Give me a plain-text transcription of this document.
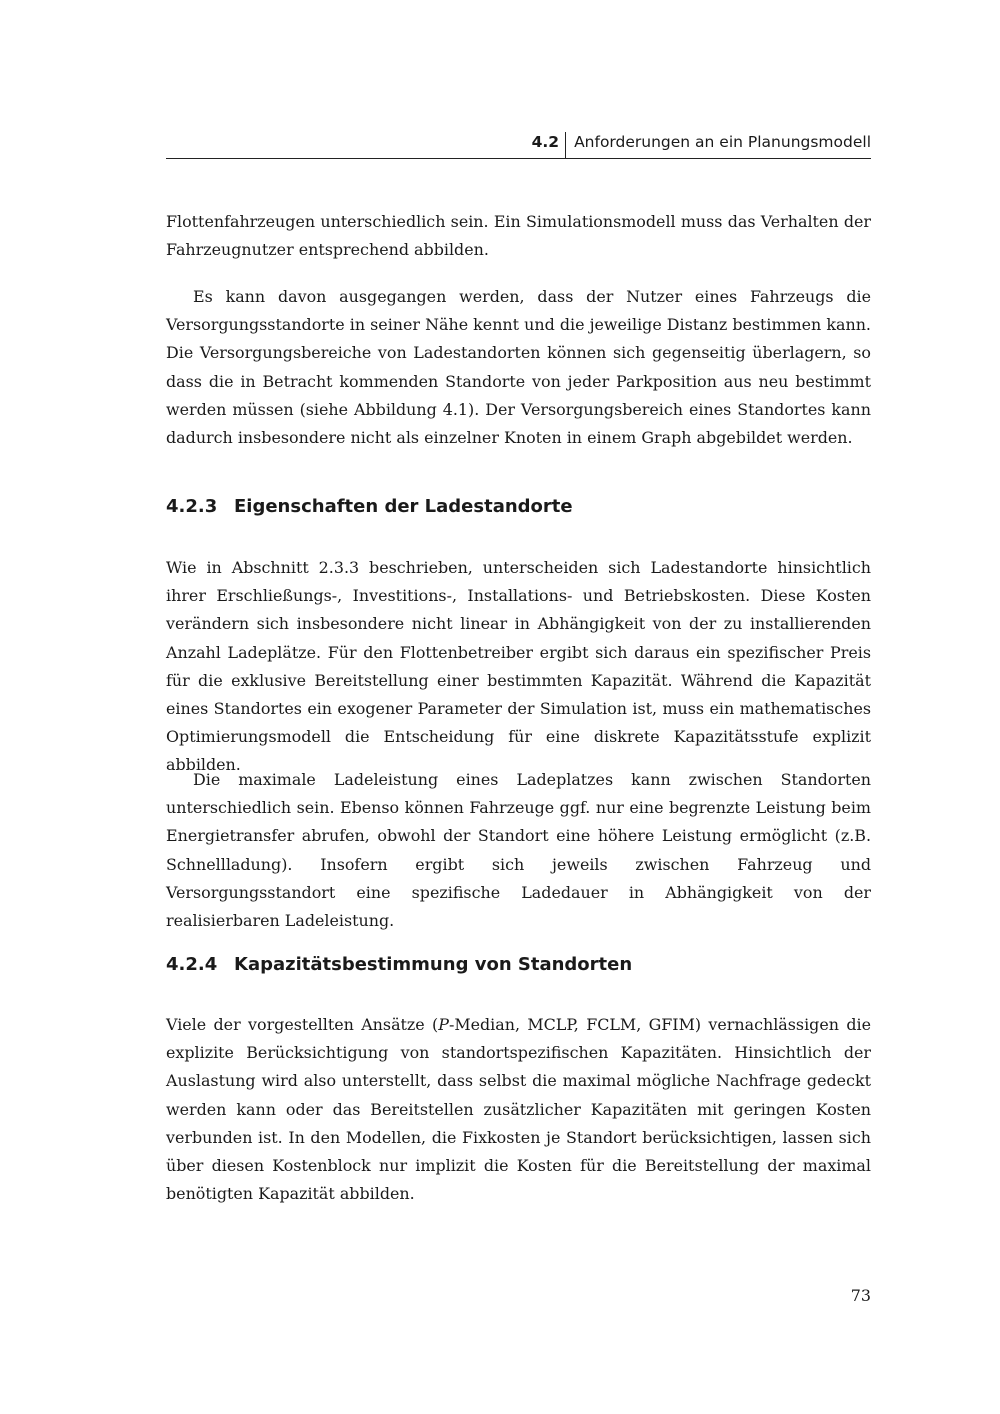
4.2 Anforderungen an ein Planungsmodell

Flottenfahrzeugen unterschiedlich sein. Ein Simulationsmodell muss das Verhalten der Fahrzeugnutzer entsprechend abbilden.

Es kann davon ausgegangen werden, dass der Nutzer eines Fahrzeugs die Versorgungsstandorte in seiner Nähe kennt und die jeweilige Distanz bestimmen kann. Die Versorgungsbereiche von Ladestandorten können sich gegenseitig überlagern, so dass die in Betracht kommenden Standorte von jeder Parkposition aus neu bestimmt werden müssen (siehe Abbildung 4.1). Der Versorgungsbereich eines Standortes kann dadurch insbesondere nicht als einzelner Knoten in einem Graph abgebildet werden.

4.2.3 Eigenschaften der Ladestandorte

Wie in Abschnitt 2.3.3 beschrieben, unterscheiden sich Ladestandorte hinsichtlich ihrer Erschließungs-, Investitions-, Installations- und Betriebskosten. Diese Kosten verändern sich insbesondere nicht linear in Abhängigkeit von der zu installierenden Anzahl Ladeplätze. Für den Flottenbetreiber ergibt sich daraus ein spezifischer Preis für die exklusive Bereitstellung einer bestimmten Kapazität. Während die Kapazität eines Standortes ein exogener Parameter der Simulation ist, muss ein mathematisches Optimierungsmodell die Entscheidung für eine diskrete Kapazitätsstufe explizit abbilden.

Die maximale Ladeleistung eines Ladeplatzes kann zwischen Standorten unterschiedlich sein. Ebenso können Fahrzeuge ggf. nur eine begrenzte Leistung beim Energietransfer abrufen, obwohl der Standort eine höhere Leistung ermöglicht (z.B. Schnellladung). Insofern ergibt sich jeweils zwischen Fahrzeug und Versorgungsstandort eine spezifische Ladedauer in Abhängigkeit von der realisierbaren Ladeleistung.

4.2.4 Kapazitätsbestimmung von Standorten

Viele der vorgestellten Ansätze (P-Median, MCLP, FCLM, GFIM) vernachlässigen die explizite Berücksichtigung von standortspezifischen Kapazitäten. Hinsichtlich der Auslastung wird also unterstellt, dass selbst die maximal mögliche Nachfrage gedeckt werden kann oder das Bereitstellen zusätzlicher Kapazitäten mit geringen Kosten verbunden ist. In den Modellen, die Fixkosten je Standort berücksichtigen, lassen sich über diesen Kostenblock nur implizit die Kosten für die Bereitstellung der maximal benötigten Kapazität abbilden.

73
